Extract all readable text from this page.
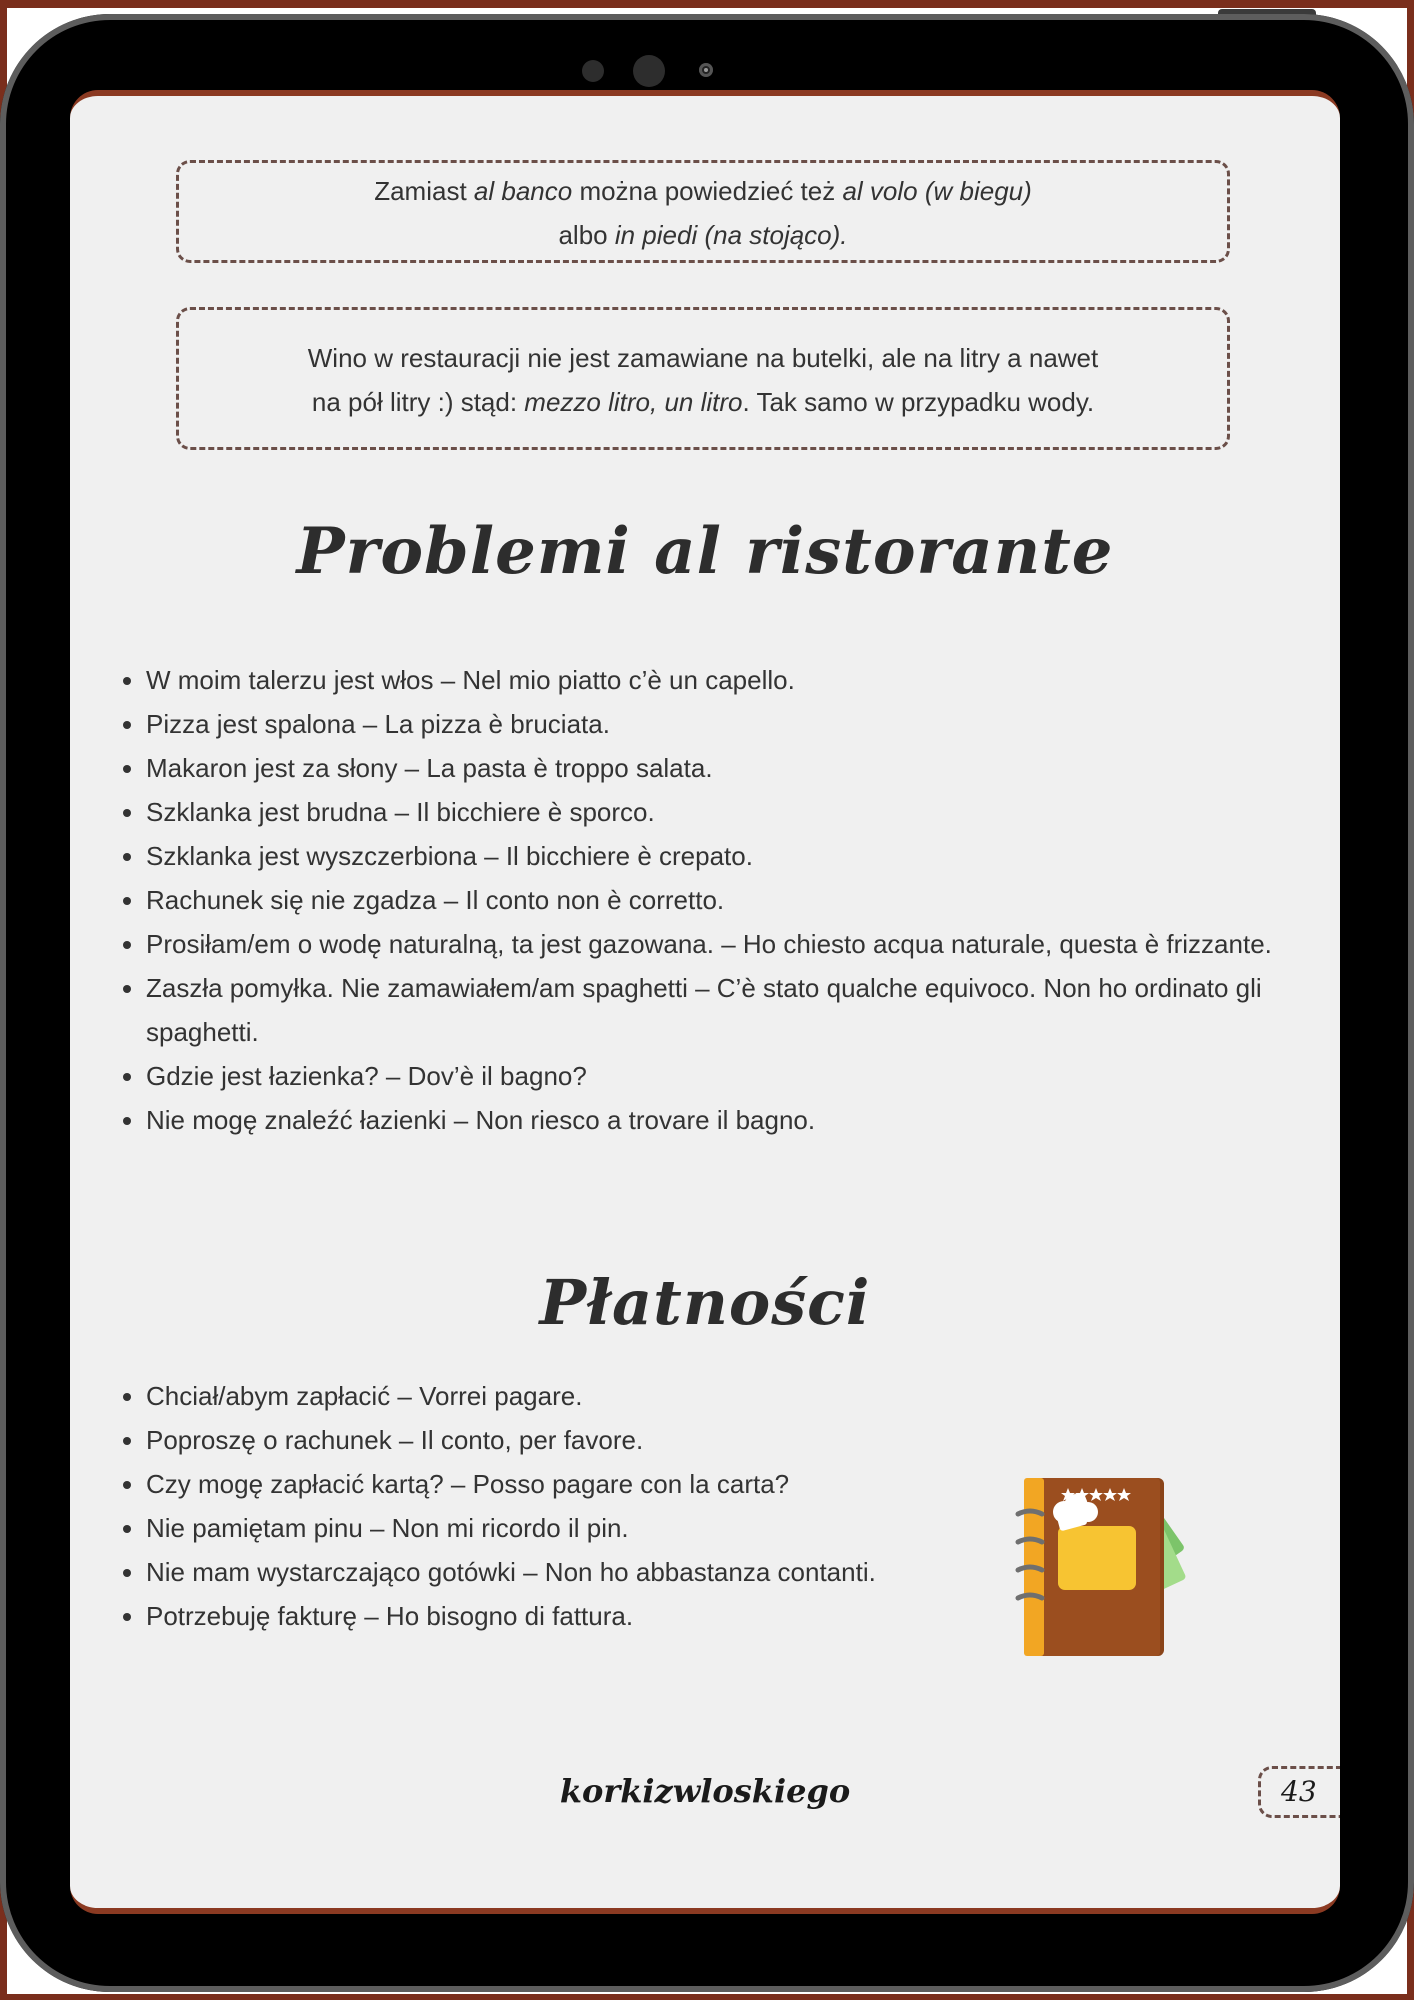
Zamiast al banco można powiedzieć też al volo (w biegu)
albo in piedi (na stojąco).
Wino w restauracji nie jest zamawiane na butelki, ale na litry a nawet
na pół litry :) stąd: mezzo litro, un litro. Tak samo w przypadku wody.
Problemi al ristorante
• W moim talerzu jest włos – Nel mio piatto c’è un capello.
• Pizza jest spalona – La pizza è bruciata.
• Makaron jest za słony – La pasta è troppo salata.
• Szklanka jest brudna – Il bicchiere è sporco.
• Szklanka jest wyszczerbiona – Il bicchiere è crepato.
• Rachunek się nie zgadza – Il conto non è corretto.
• Prosiłam/em o wodę naturalną, ta jest gazowana. – Ho chiesto acqua naturale, questa è frizzante.
• Zaszła pomyłka. Nie zamawiałem/am spaghetti – C’è stato qualche equivoco. Non ho ordinato gli spaghetti.
• Gdzie jest łazienka? – Dov’è il bagno?
• Nie mogę znaleźć łazienki – Non riesco a trovare il bagno.
Płatności
• Chciał/abym zapłacić – Vorrei pagare.
• Poproszę o rachunek – Il conto, per favore.
• Czy mogę zapłacić kartą? – Posso pagare con la carta?
• Nie pamiętam pinu – Non mi ricordo il pin.
• Nie mam wystarczająco gotówki – Non ho abbastanza contanti.
• Potrzebuję fakturę – Ho bisogno di fattura.
korkizwloskiego	43
